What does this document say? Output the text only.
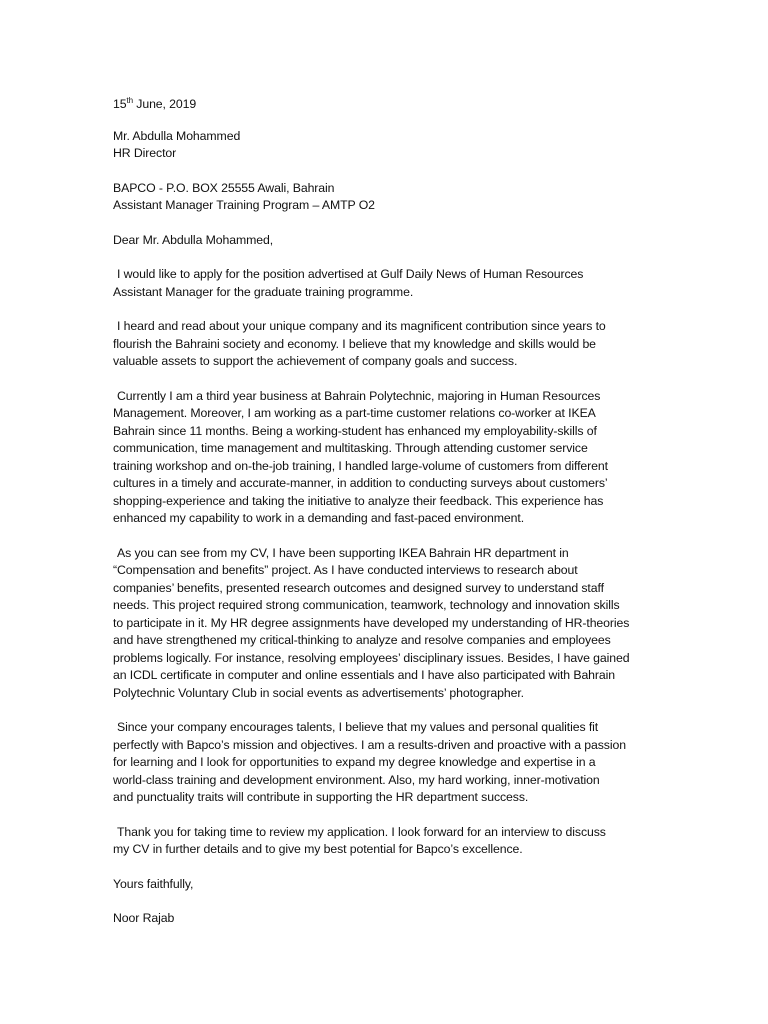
15th June, 2019
Mr. Abdulla Mohammed
HR Director
BAPCO - P.O. BOX 25555 Awali, Bahrain
Assistant Manager Training Program – AMTP O2
Dear Mr. Abdulla Mohammed,
I would like to apply for the position advertised at Gulf Daily News of Human Resources
Assistant Manager for the graduate training programme.
I heard and read about your unique company and its magnificent contribution since years to
flourish the Bahraini society and economy. I believe that my knowledge and skills would be
valuable assets to support the achievement of company goals and success.
Currently I am a third year business at Bahrain Polytechnic, majoring in Human Resources
Management. Moreover, I am working as a part-time customer relations co-worker at IKEA
Bahrain since 11 months. Being a working-student has enhanced my employability-skills of
communication, time management and multitasking. Through attending customer service
training workshop and on-the-job training, I handled large-volume of customers from different
cultures in a timely and accurate-manner, in addition to conducting surveys about customers’
shopping-experience and taking the initiative to analyze their feedback. This experience has
enhanced my capability to work in a demanding and fast-paced environment.
As you can see from my CV, I have been supporting IKEA Bahrain HR department in
“Compensation and benefits” project. As I have conducted interviews to research about
companies’ benefits, presented research outcomes and designed survey to understand staff
needs. This project required strong communication, teamwork, technology and innovation skills
to participate in it. My HR degree assignments have developed my understanding of HR-theories
and have strengthened my critical-thinking to analyze and resolve companies and employees
problems logically. For instance, resolving employees’ disciplinary issues. Besides, I have gained
an ICDL certificate in computer and online essentials and I have also participated with Bahrain
Polytechnic Voluntary Club in social events as advertisements’ photographer.
Since your company encourages talents, I believe that my values and personal qualities fit
perfectly with Bapco’s mission and objectives. I am a results-driven and proactive with a passion
for learning and I look for opportunities to expand my degree knowledge and expertise in a
world-class training and development environment. Also, my hard working, inner-motivation
and punctuality traits will contribute in supporting the HR department success.
Thank you for taking time to review my application. I look forward for an interview to discuss
my CV in further details and to give my best potential for Bapco’s excellence.
Yours faithfully,
Noor Rajab
